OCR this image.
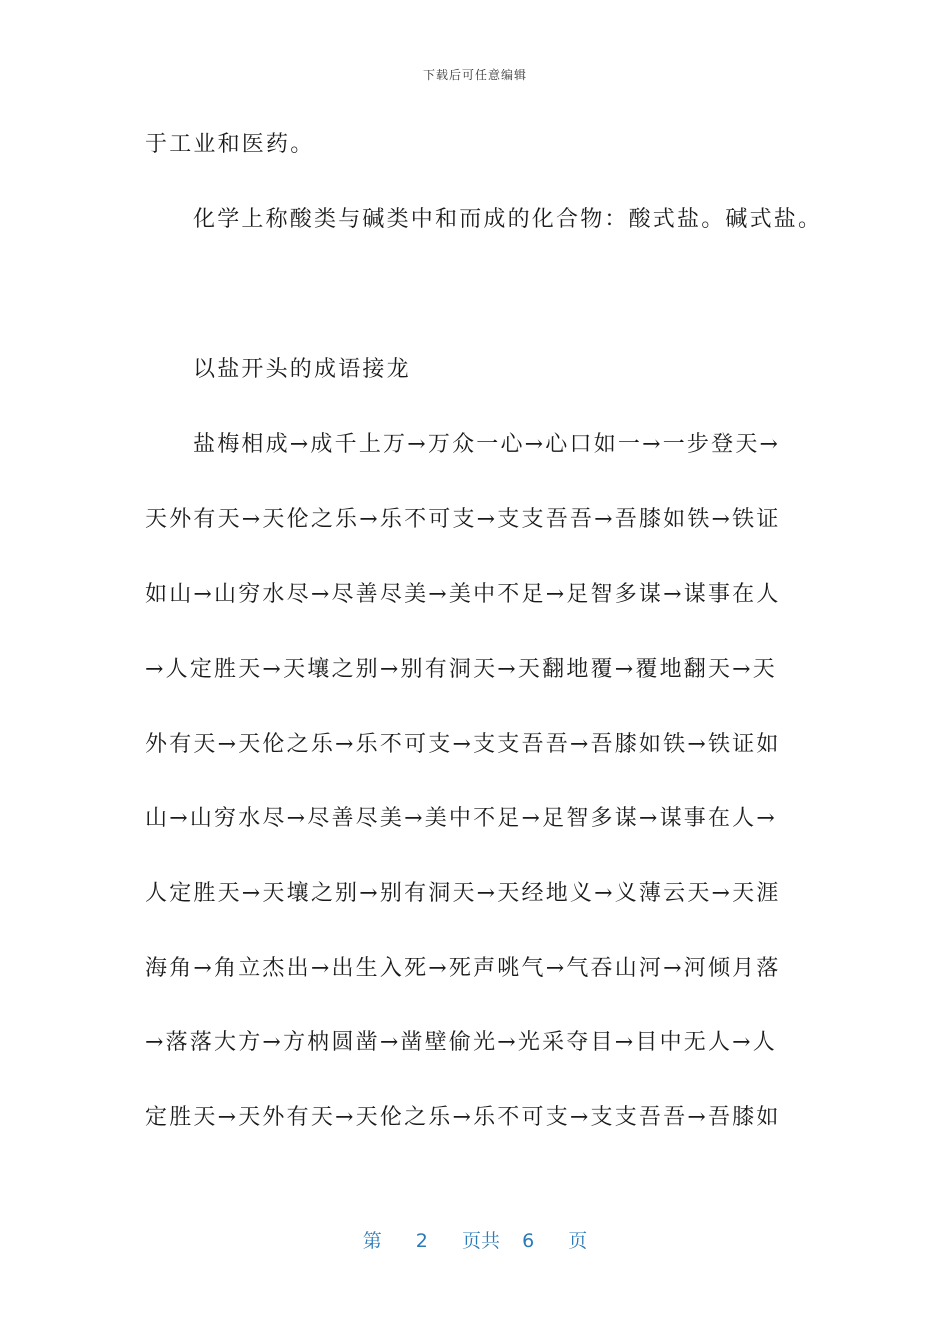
下载后可任意编辑
于工业和医药。
化学上称酸类与碱类中和而成的化合物：酸式盐。碱式盐。
以盐开头的成语接龙
盐梅相成→成千上万→万众一心→心口如一→一步登天→
天外有天→天伦之乐→乐不可支→支支吾吾→吾膝如铁→铁证
如山→山穷水尽→尽善尽美→美中不足→足智多谋→谋事在人
→人定胜天→天壤之别→别有洞天→天翻地覆→覆地翻天→天
外有天→天伦之乐→乐不可支→支支吾吾→吾膝如铁→铁证如
山→山穷水尽→尽善尽美→美中不足→足智多谋→谋事在人→
人定胜天→天壤之别→别有洞天→天经地义→义薄云天→天涯
海角→角立杰出→出生入死→死声咷气→气吞山河→河倾月落
→落落大方→方枘圆凿→凿壁偷光→光采夺目→目中无人→人
定胜天→天外有天→天伦之乐→乐不可支→支支吾吾→吾膝如
第 2 页共 6 页
